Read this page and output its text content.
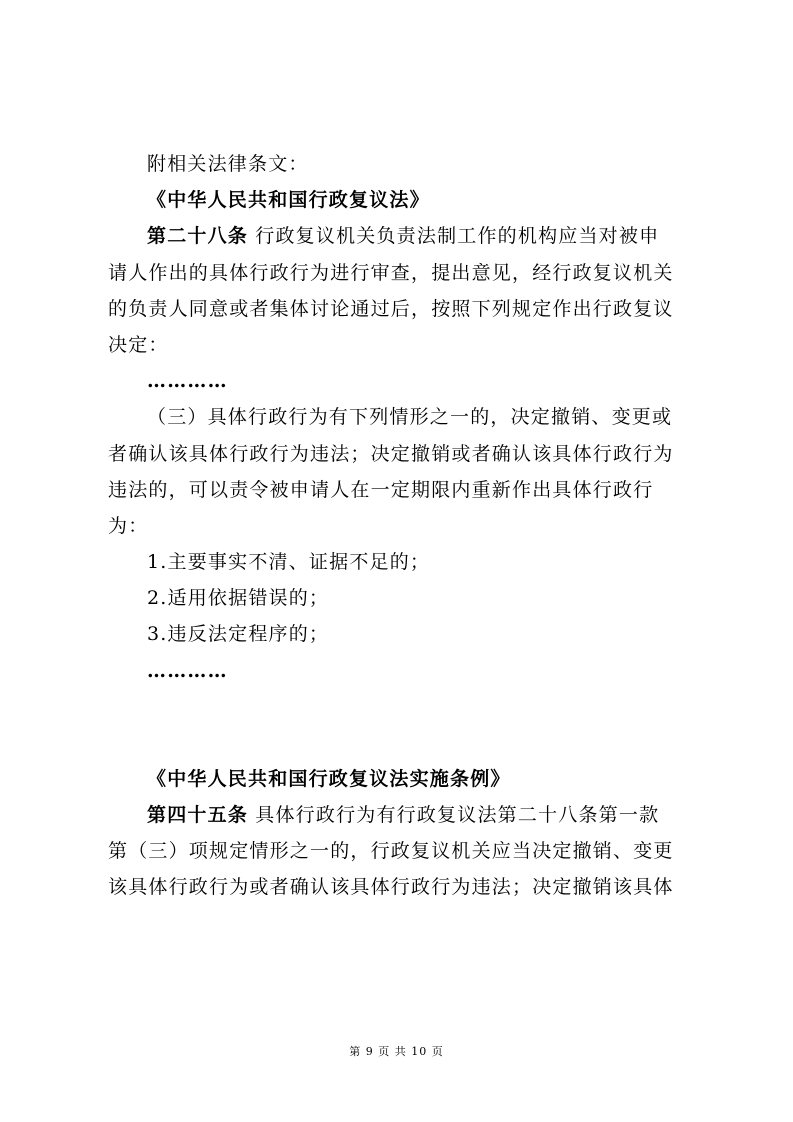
附相关法律条文：
《中华人民共和国行政复议法》
第二十八条 行政复议机关负责法制工作的机构应当对被申
请人作出的具体行政行为进行审查，提出意见，经行政复议机关
的负责人同意或者集体讨论通过后，按照下列规定作出行政复议
决定：
…………
（三）具体行政行为有下列情形之一的，决定撤销、变更或
者确认该具体行政行为违法；决定撤销或者确认该具体行政行为
违法的，可以责令被申请人在一定期限内重新作出具体行政行
为：
1.主要事实不清、证据不足的；
2.适用依据错误的；
3.违反法定程序的；
…………
《中华人民共和国行政复议法实施条例》
第四十五条 具体行政行为有行政复议法第二十八条第一款
第（三）项规定情形之一的，行政复议机关应当决定撤销、变更
该具体行政行为或者确认该具体行政行为违法；决定撤销该具体
第 9 页 共 10 页
